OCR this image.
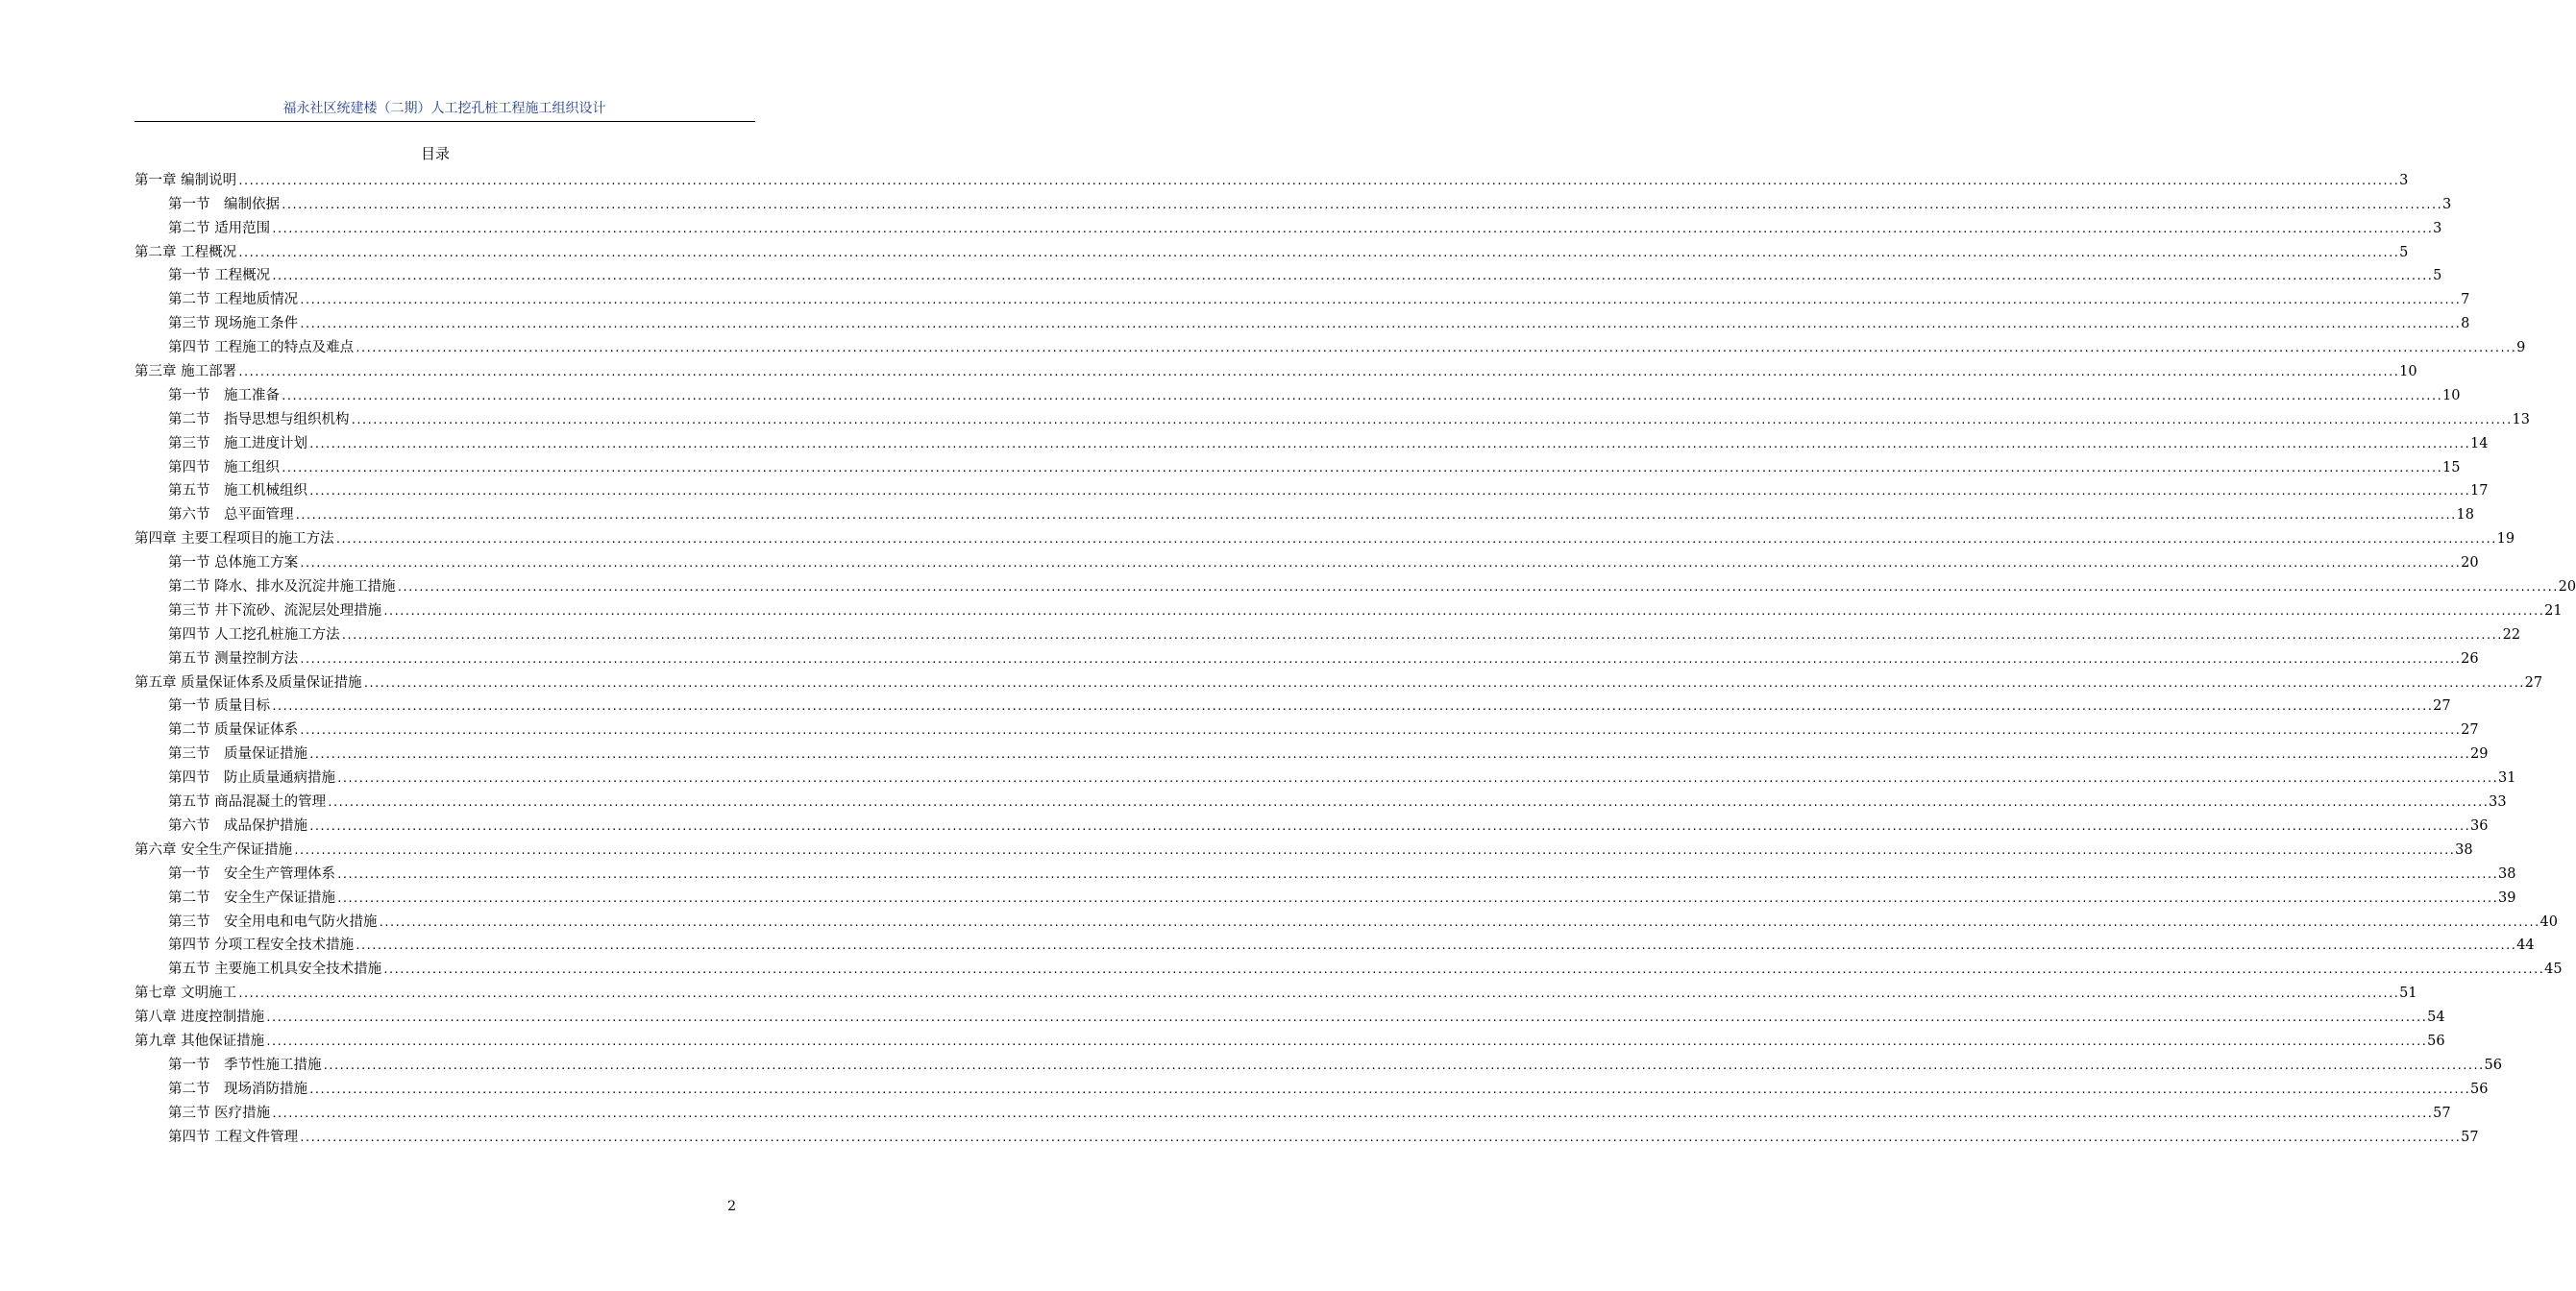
福永社区统建楼（二期）人工挖孔桩工程施工组织设计
目录
第一章 编制说明 ................................................................................................................................................................................................................................................................................................................................................................................................................ 3
第一节　编制依据 ................................................................................................................................................................................................................................................................................................................................................................................................................ 3
第二节 适用范围 ................................................................................................................................................................................................................................................................................................................................................................................................................ 3
第二章 工程概况 ................................................................................................................................................................................................................................................................................................................................................................................................................ 5
第一节 工程概况 ................................................................................................................................................................................................................................................................................................................................................................................................................ 5
第二节 工程地质情况 ................................................................................................................................................................................................................................................................................................................................................................................................................ 7
第三节 现场施工条件 ................................................................................................................................................................................................................................................................................................................................................................................................................ 8
第四节 工程施工的特点及难点 ................................................................................................................................................................................................................................................................................................................................................................................................................ 9
第三章 施工部署 ................................................................................................................................................................................................................................................................................................................................................................................................................ 10
第一节　施工准备 ................................................................................................................................................................................................................................................................................................................................................................................................................ 10
第二节　指导思想与组织机构 ................................................................................................................................................................................................................................................................................................................................................................................................................ 13
第三节　施工进度计划 ................................................................................................................................................................................................................................................................................................................................................................................................................ 14
第四节　施工组织 ................................................................................................................................................................................................................................................................................................................................................................................................................ 15
第五节　施工机械组织 ................................................................................................................................................................................................................................................................................................................................................................................................................ 17
第六节　总平面管理 ................................................................................................................................................................................................................................................................................................................................................................................................................ 18
第四章 主要工程项目的施工方法 ................................................................................................................................................................................................................................................................................................................................................................................................................ 19
第一节 总体施工方案 ................................................................................................................................................................................................................................................................................................................................................................................................................ 20
第二节 降水、排水及沉淀井施工措施 ................................................................................................................................................................................................................................................................................................................................................................................................................ 20
第三节 井下流砂、流泥层处理措施 ................................................................................................................................................................................................................................................................................................................................................................................................................ 21
第四节 人工挖孔桩施工方法 ................................................................................................................................................................................................................................................................................................................................................................................................................ 22
第五节 测量控制方法 ................................................................................................................................................................................................................................................................................................................................................................................................................ 26
第五章 质量保证体系及质量保证措施 ................................................................................................................................................................................................................................................................................................................................................................................................................ 27
第一节 质量目标 ................................................................................................................................................................................................................................................................................................................................................................................................................ 27
第二节 质量保证体系 ................................................................................................................................................................................................................................................................................................................................................................................................................ 27
第三节　质量保证措施 ................................................................................................................................................................................................................................................................................................................................................................................................................ 29
第四节　防止质量通病措施 ................................................................................................................................................................................................................................................................................................................................................................................................................ 31
第五节 商品混凝土的管理 ................................................................................................................................................................................................................................................................................................................................................................................................................ 33
第六节　成品保护措施 ................................................................................................................................................................................................................................................................................................................................................................................................................ 36
第六章 安全生产保证措施 ................................................................................................................................................................................................................................................................................................................................................................................................................ 38
第一节　安全生产管理体系 ................................................................................................................................................................................................................................................................................................................................................................................................................ 38
第二节　安全生产保证措施 ................................................................................................................................................................................................................................................................................................................................................................................................................ 39
第三节　安全用电和电气防火措施 ................................................................................................................................................................................................................................................................................................................................................................................................................ 40
第四节 分项工程安全技术措施 ................................................................................................................................................................................................................................................................................................................................................................................................................ 44
第五节 主要施工机具安全技术措施 ................................................................................................................................................................................................................................................................................................................................................................................................................ 45
第七章 文明施工 ................................................................................................................................................................................................................................................................................................................................................................................................................ 51
第八章 进度控制措施 ................................................................................................................................................................................................................................................................................................................................................................................................................ 54
第九章 其他保证措施 ................................................................................................................................................................................................................................................................................................................................................................................................................ 56
第一节　季节性施工措施 ................................................................................................................................................................................................................................................................................................................................................................................................................ 56
第二节　现场消防措施 ................................................................................................................................................................................................................................................................................................................................................................................................................ 56
第三节 医疗措施 ................................................................................................................................................................................................................................................................................................................................................................................................................ 57
第四节 工程文件管理 ................................................................................................................................................................................................................................................................................................................................................................................................................ 57
2
